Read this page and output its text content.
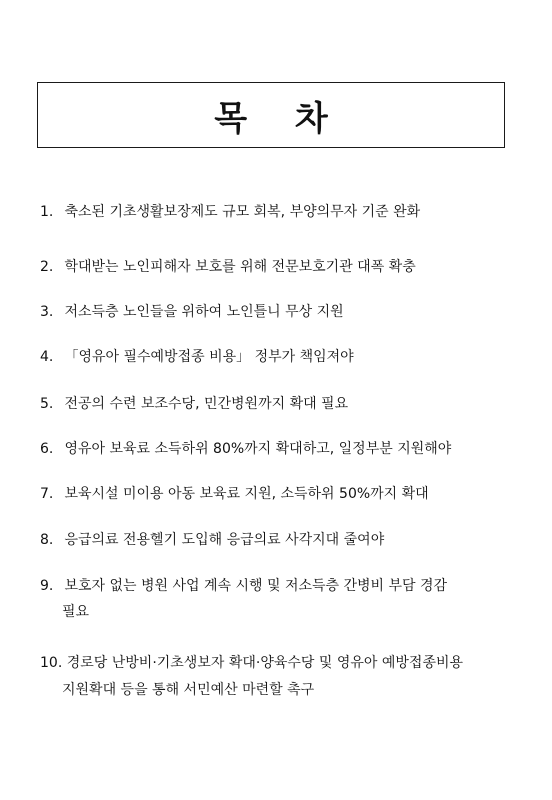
목 차
1. 축소된 기초생활보장제도 규모 회복, 부양의무자 기준 완화
2. 학대받는 노인피해자 보호를 위해 전문보호기관 대폭 확충
3. 저소득층 노인들을 위하여 노인틀니 무상 지원
4. 「영유아 필수예방접종 비용」 정부가 책임져야
5. 전공의 수련 보조수당, 민간병원까지 확대 필요
6. 영유아 보육료 소득하위 80%까지 확대하고, 일정부분 지원해야
7. 보육시설 미이용 아동 보육료 지원, 소득하위 50%까지 확대
8. 응급의료 전용헬기 도입해 응급의료 사각지대 줄여야
9. 보호자 없는 병원 사업 계속 시행 및 저소득층 간병비 부담 경감
필요
10. 경로당 난방비·기초생보자 확대·양육수당 및 영유아 예방접종비용
지원확대 등을 통해 서민예산 마련할 촉구
